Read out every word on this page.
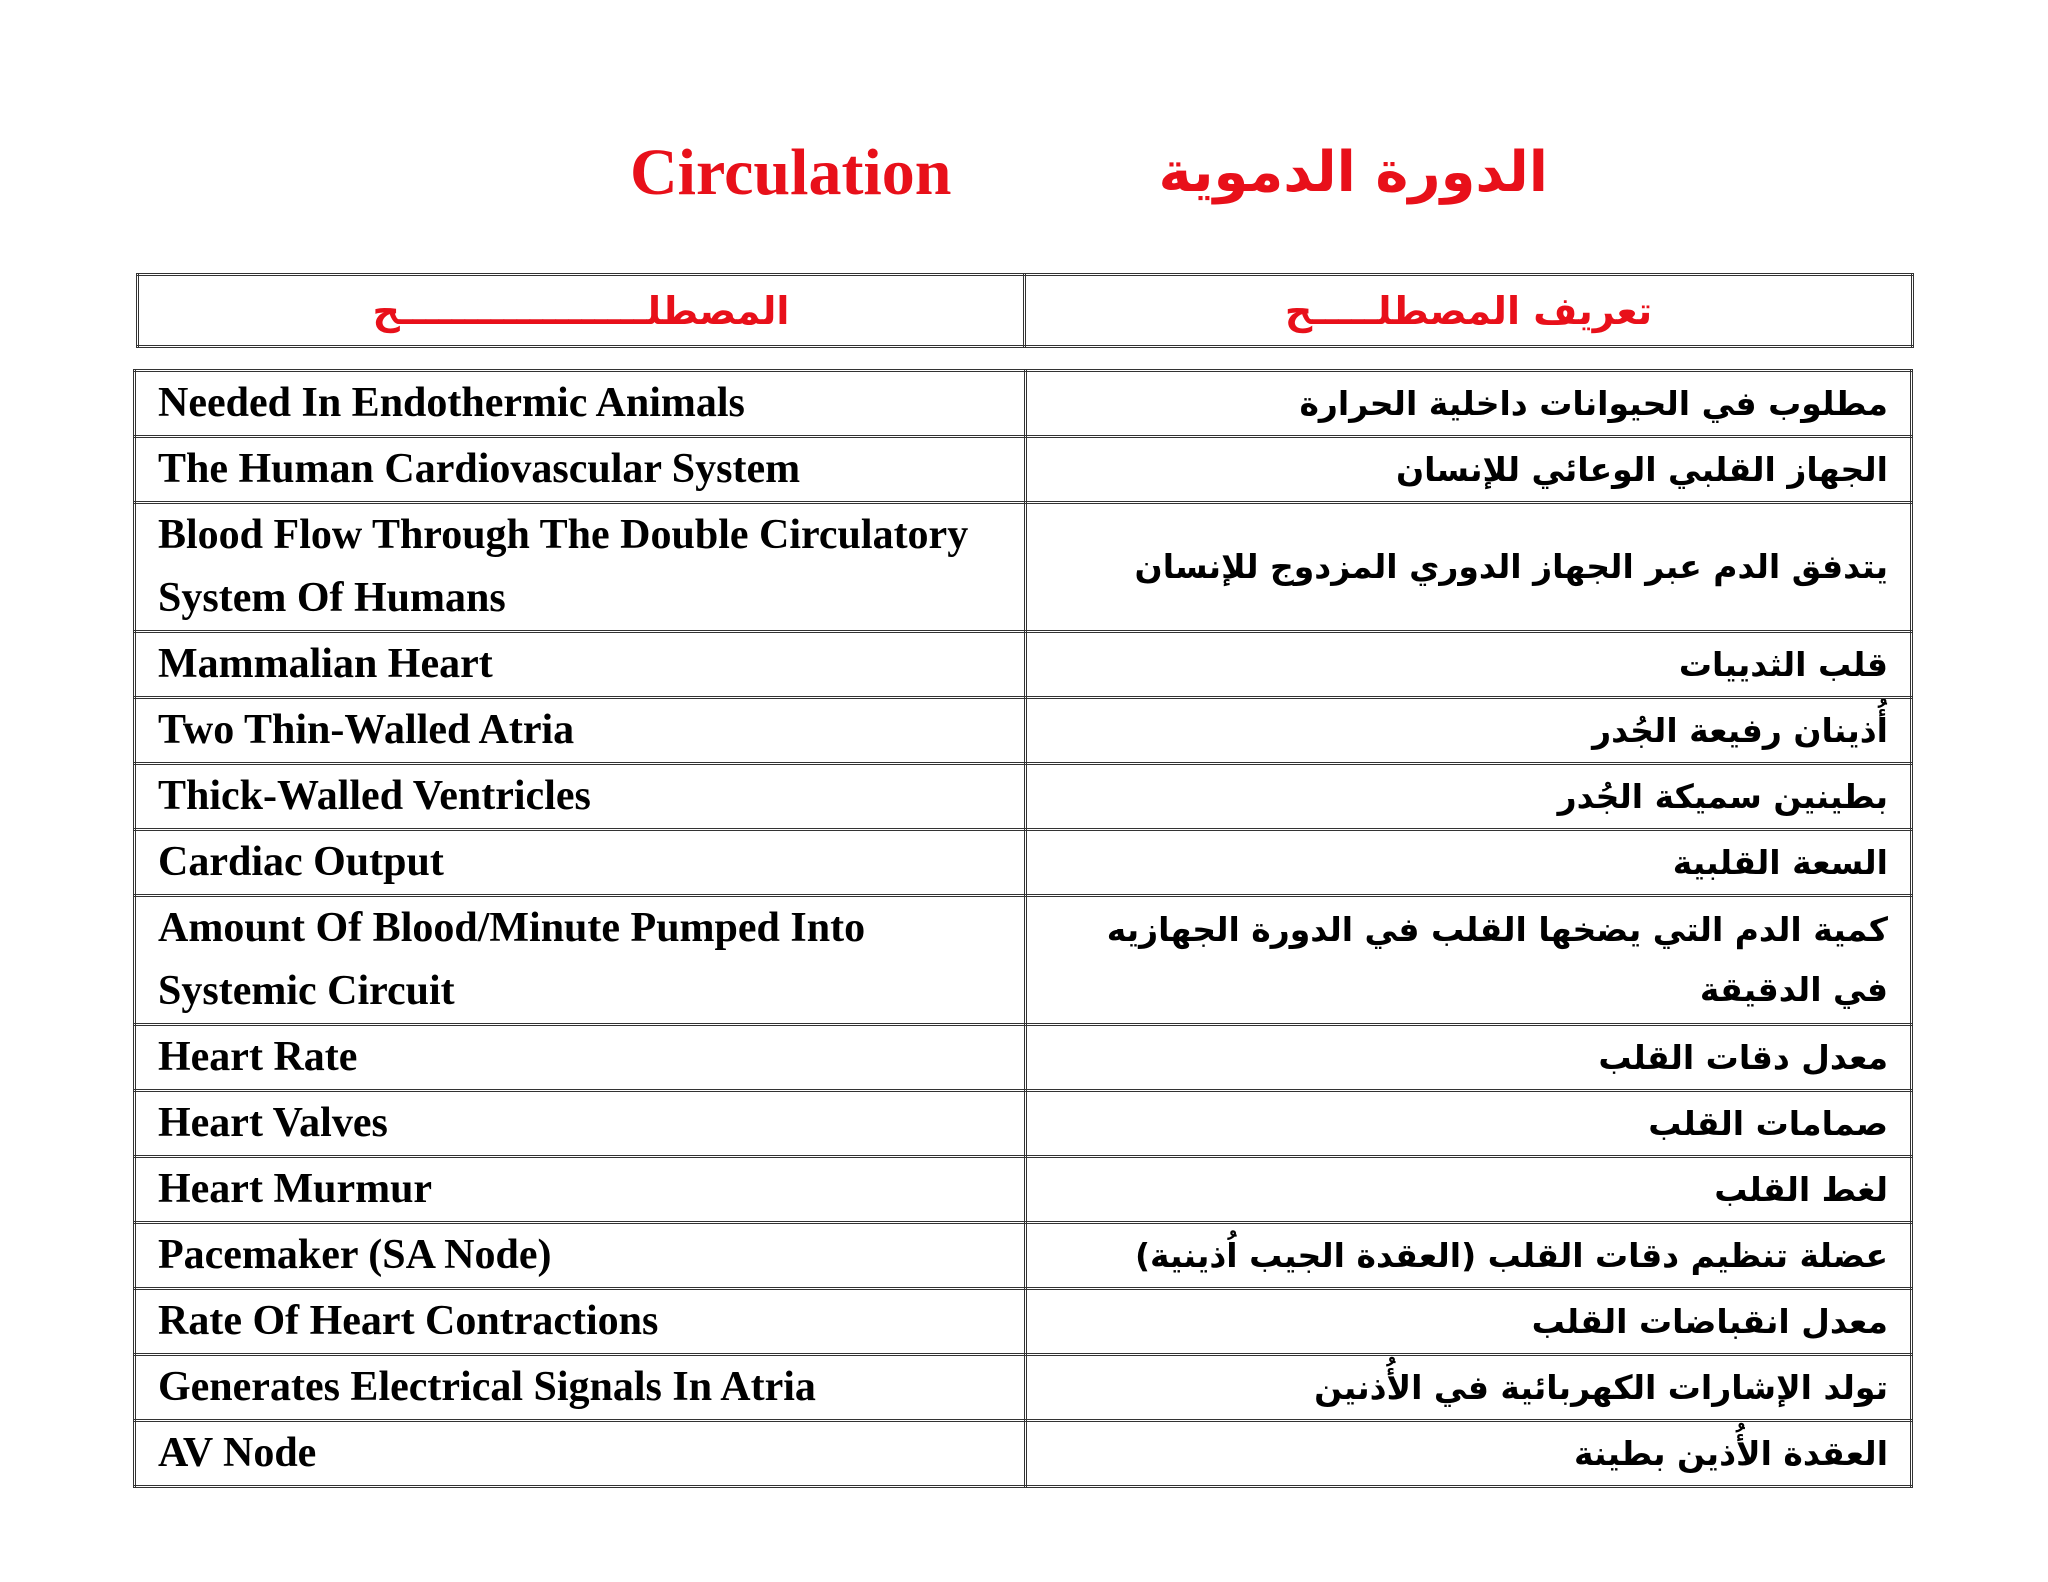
Circulation	الدورة الدموية
المصطلـــــــــــــــــــح	تعريف المصطلـــــح
Needed In Endothermic Animals	مطلوب في الحيوانات داخلية الحرارة
The Human Cardiovascular System	الجهاز القلبي الوعائي للإنسان
Blood Flow Through The Double Circulatory System Of Humans	يتدفق الدم عبر الجهاز الدوري المزدوج للإنسان
Mammalian Heart	قلب الثدييات
Two Thin-Walled Atria	أُذينان رفيعة الجُدر
Thick-Walled Ventricles	بطينين سميكة الجُدر
Cardiac Output	السعة القلبية
Amount Of Blood/Minute Pumped Into Systemic Circuit	كمية الدم التي يضخها القلب في الدورة الجهازيه في الدقيقة
Heart Rate	معدل دقات القلب
Heart Valves	صمامات القلب
Heart Murmur	لغط القلب
Pacemaker (SA Node)	عضلة تنظيم دقات القلب (العقدة الجيب اُذينية)
Rate Of Heart Contractions	معدل انقباضات القلب
Generates Electrical Signals In Atria	تولد الإشارات الكهربائية في الأُذنين
AV Node	العقدة الأُذين بطينة
